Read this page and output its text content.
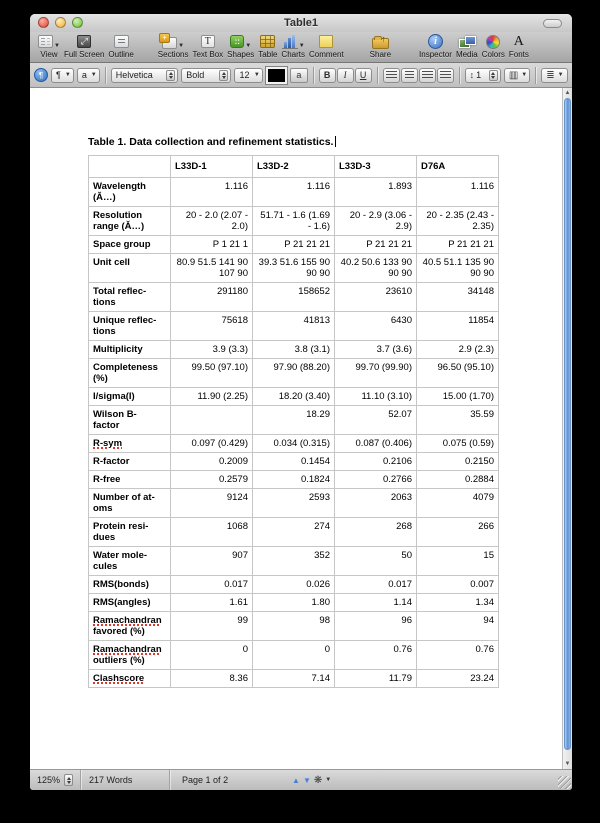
Table1
▼
View
⤢ Full Screen Outline
+
▼
Sections
T Text Box
::
▼
Shapes Table
▼
Charts Comment
↑	Share
i	Inspector Media Colors
A Fonts
¶
¶ ▼ a ▼ Helvetica	Bold	12 ▼	a	B	I	U	↕ 1	▥ ▼ ≣ ▼
Table 1. Data collection and refinement statistics.
	L33D-1	L33D-2	L33D-3	D76A
Wavelength
(Ă…)	1.116	1.116	1.893	1.116
Resolution
range (Ă…)	20 - 2.0 (2.07 -
2.0)	51.71 - 1.6 (1.69
- 1.6)	20 - 2.9 (3.06 -
2.9)	20 - 2.35 (2.43 -
2.35)
Space group	P 1 21 1	P 21 21 21	P 21 21 21	P 21 21 21
Unit cell	80.9 51.5 141 90
107 90	39.3 51.6 155 90
90 90	40.2 50.6 133 90
90 90	40.5 51.1 135 90
90 90
Total reflec-
tions	291180	158652	23610	34148
Unique reflec-
tions	75618	41813	6430	11854
Multiplicity	3.9 (3.3)	3.8 (3.1)	3.7 (3.6)	2.9 (2.3)
Completeness
(%)	99.50 (97.10)	97.90 (88.20)	99.70 (99.90)	96.50 (95.10)
I/sigma(I)	11.90 (2.25)	18.20 (3.40)	11.10 (3.10)	15.00 (1.70)
Wilson B-
factor		18.29	52.07	35.59
R-sym	0.097 (0.429)	0.034 (0.315)	0.087 (0.406)	0.075 (0.59)
R-factor	0.2009	0.1454	0.2106	0.2150
R-free	0.2579	0.1824	0.2766	0.2884
Number of at-
oms	9124	2593	2063	4079
Protein resi-
dues	1068	274	268	266
Water mole-
cules	907	352	50	15
RMS(bonds)	0.017	0.026	0.017	0.007
RMS(angles)	1.61	1.80	1.14	1.34
Ramachandran
favored (%)	99	98	96	94
Ramachandran
outliers (%)	0	0	0.76	0.76
Clashscore	8.36	7.14	11.79	23.24
▲
▼
125%	217 Words	Page 1 of 2	▲ ▼ ❋ ▼
